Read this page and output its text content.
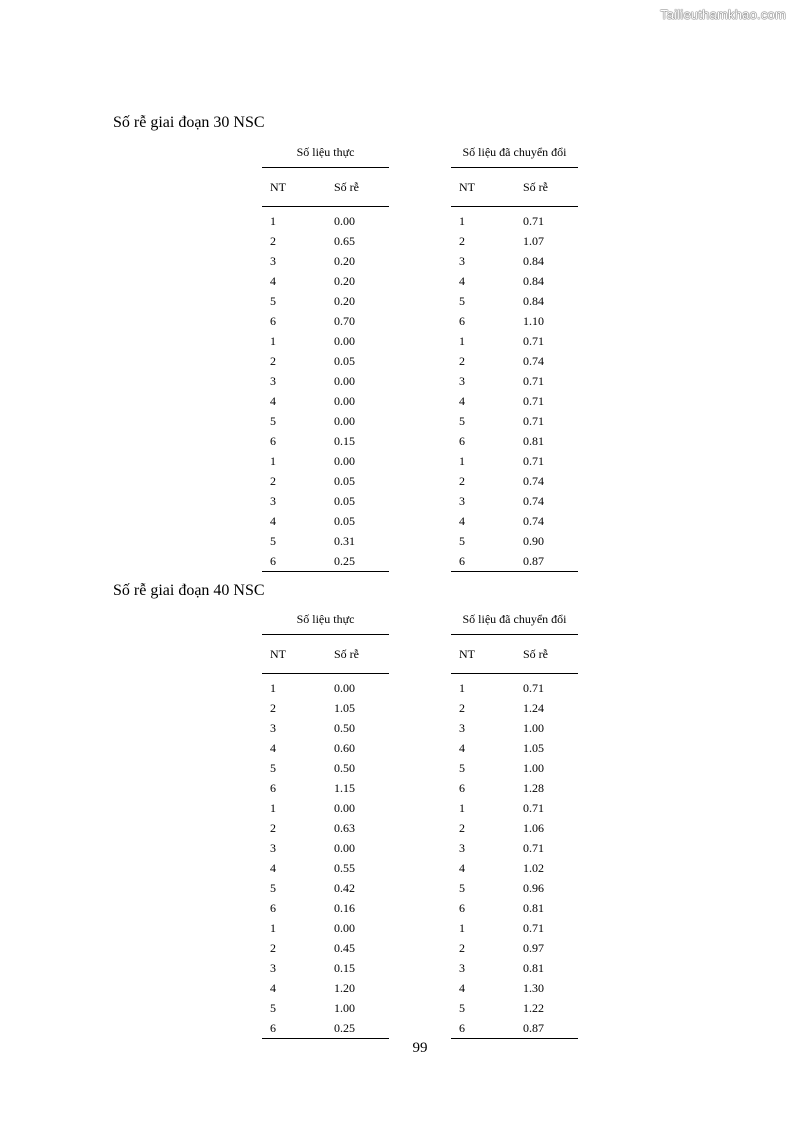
Tailieuthamkhao.com
Số rễ giai đoạn 30 NSC
Số liệu thực
NT	Số rễ
1	0.00
2	0.65
3	0.20
4	0.20
5	0.20
6	0.70
1	0.00
2	0.05
3	0.00
4	0.00
5	0.00
6	0.15
1	0.00
2	0.05
3	0.05
4	0.05
5	0.31
6	0.25
Số liệu đã chuyển đổi
NT	Số rễ
1	0.71
2	1.07
3	0.84
4	0.84
5	0.84
6	1.10
1	0.71
2	0.74
3	0.71
4	0.71
5	0.71
6	0.81
1	0.71
2	0.74
3	0.74
4	0.74
5	0.90
6	0.87
Số rễ giai đoạn 40 NSC
Số liệu thực
NT	Số rễ
1	0.00
2	1.05
3	0.50
4	0.60
5	0.50
6	1.15
1	0.00
2	0.63
3	0.00
4	0.55
5	0.42
6	0.16
1	0.00
2	0.45
3	0.15
4	1.20
5	1.00
6	0.25
Số liệu đã chuyển đổi
NT	Số rễ
1	0.71
2	1.24
3	1.00
4	1.05
5	1.00
6	1.28
1	0.71
2	1.06
3	0.71
4	1.02
5	0.96
6	0.81
1	0.71
2	0.97
3	0.81
4	1.30
5	1.22
6	0.87
99
